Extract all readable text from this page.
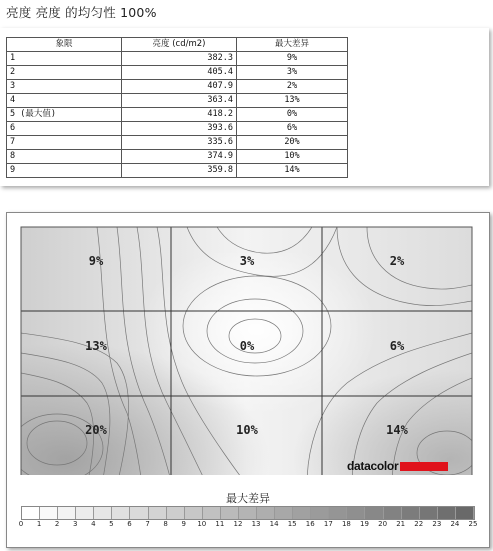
亮度 亮度 的均匀性 100%
象限	亮度 (cd/m2)	最大差异
1	382.3	9%
2	405.4	3%
3	407.9	2%
4	363.4	13%
5 (最大值)	418.2	0%
6	393.6	6%
7	335.6	20%
8	374.9	10%
9	359.8	14%
9%	3%	2%
13%	0%	6%
20%	10%	14%
datacolor
最大差异
0 1 2 3 4 5 6 7 8 9 10 11 12 13 14 15 16 17 18 19 20 21 22 23 24 25
